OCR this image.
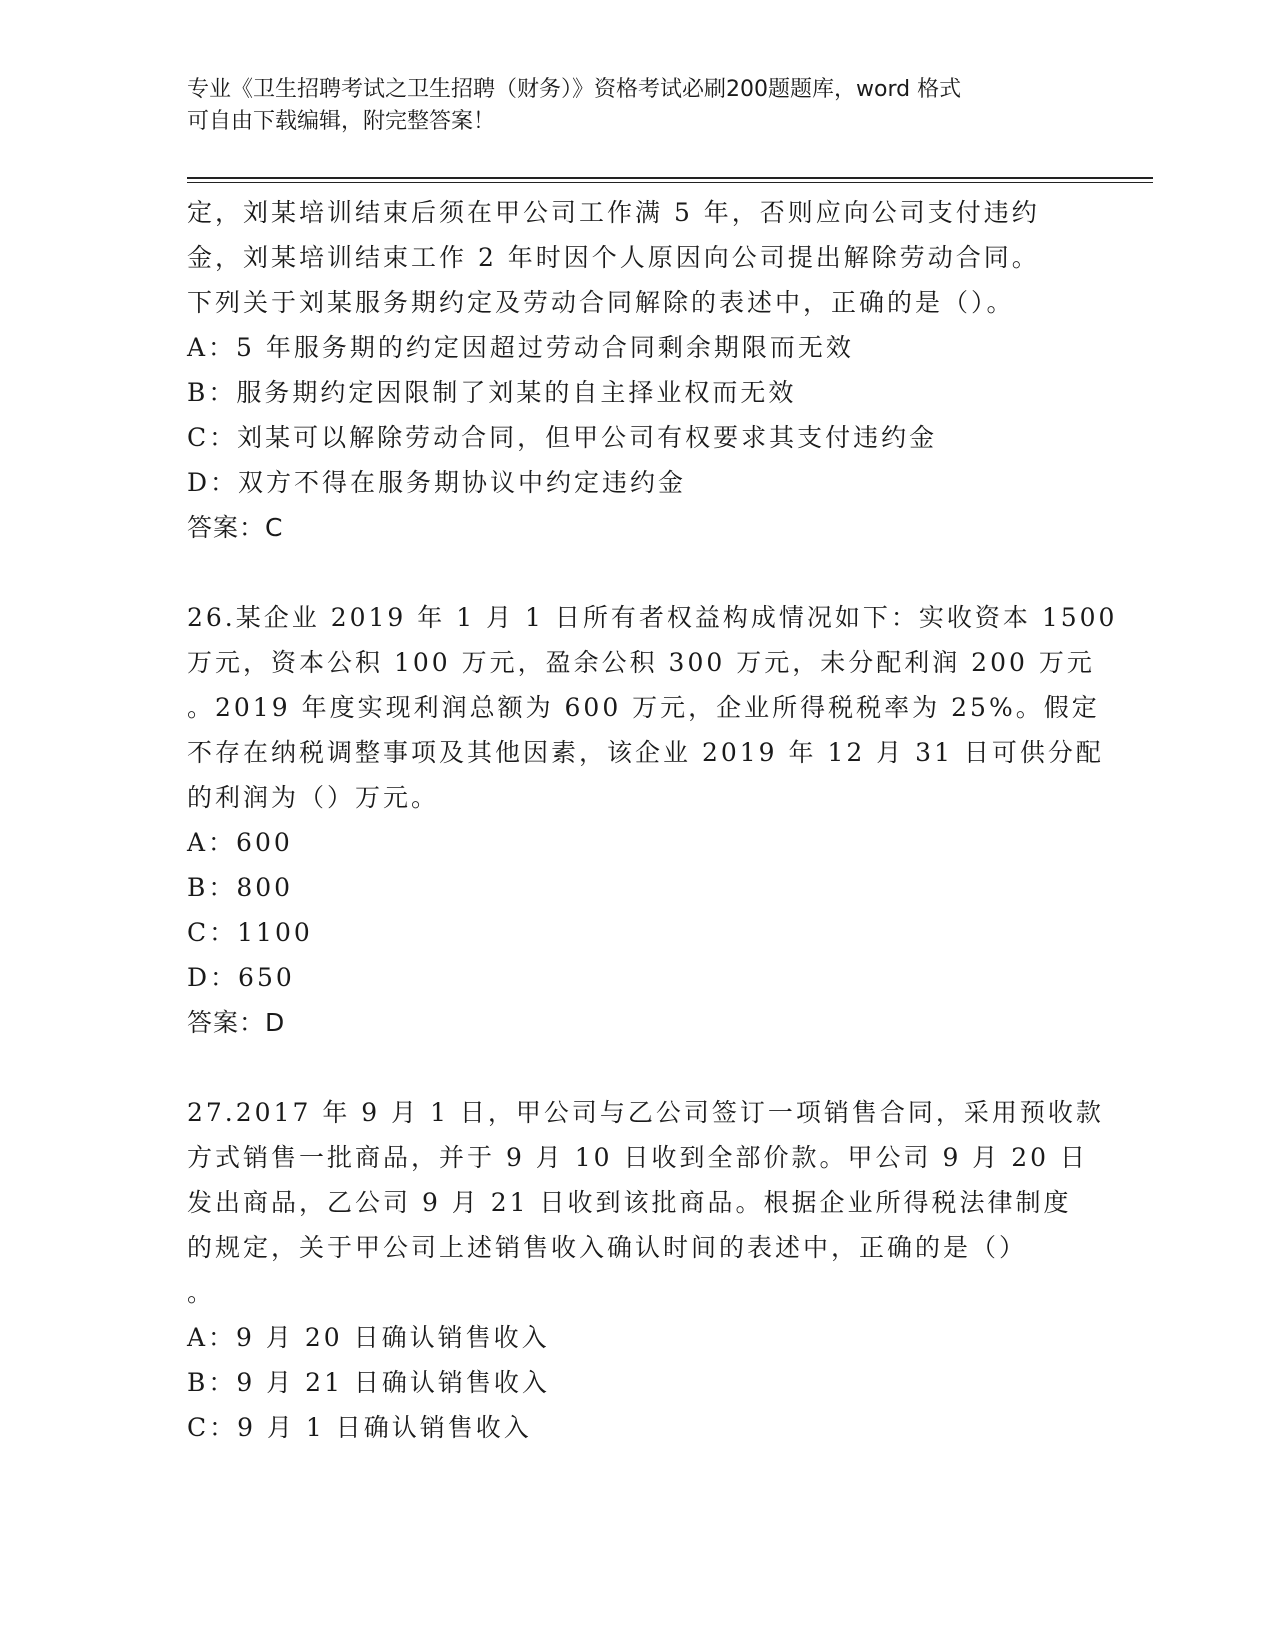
专业《卫生招聘考试之卫生招聘（财务）》资格考试必刷200题题库，word 格式
可自由下载编辑，附完整答案！
定，刘某培训结束后须在甲公司工作满 5 年，否则应向公司支付违约
金，刘某培训结束工作 2 年时因个人原因向公司提出解除劳动合同。
下列关于刘某服务期约定及劳动合同解除的表述中，正确的是（）。
A：5 年服务期的约定因超过劳动合同剩余期限而无效
B：服务期约定因限制了刘某的自主择业权而无效
C：刘某可以解除劳动合同，但甲公司有权要求其支付违约金
D：双方不得在服务期协议中约定违约金
答案：C
26.某企业 2019 年 1 月 1 日所有者权益构成情况如下：实收资本 1500
万元，资本公积 100 万元，盈余公积 300 万元，未分配利润 200 万元
。2019 年度实现利润总额为 600 万元，企业所得税税率为 25%。假定
不存在纳税调整事项及其他因素，该企业 2019 年 12 月 31 日可供分配
的利润为（）万元。
A：600
B：800
C：1100
D：650
答案：D
27.2017 年 9 月 1 日，甲公司与乙公司签订一项销售合同，采用预收款
方式销售一批商品，并于 9 月 10 日收到全部价款。甲公司 9 月 20 日
发出商品，乙公司 9 月 21 日收到该批商品。根据企业所得税法律制度
的规定，关于甲公司上述销售收入确认时间的表述中，正确的是（）
。
A：9 月 20 日确认销售收入
B：9 月 21 日确认销售收入
C：9 月 1 日确认销售收入
